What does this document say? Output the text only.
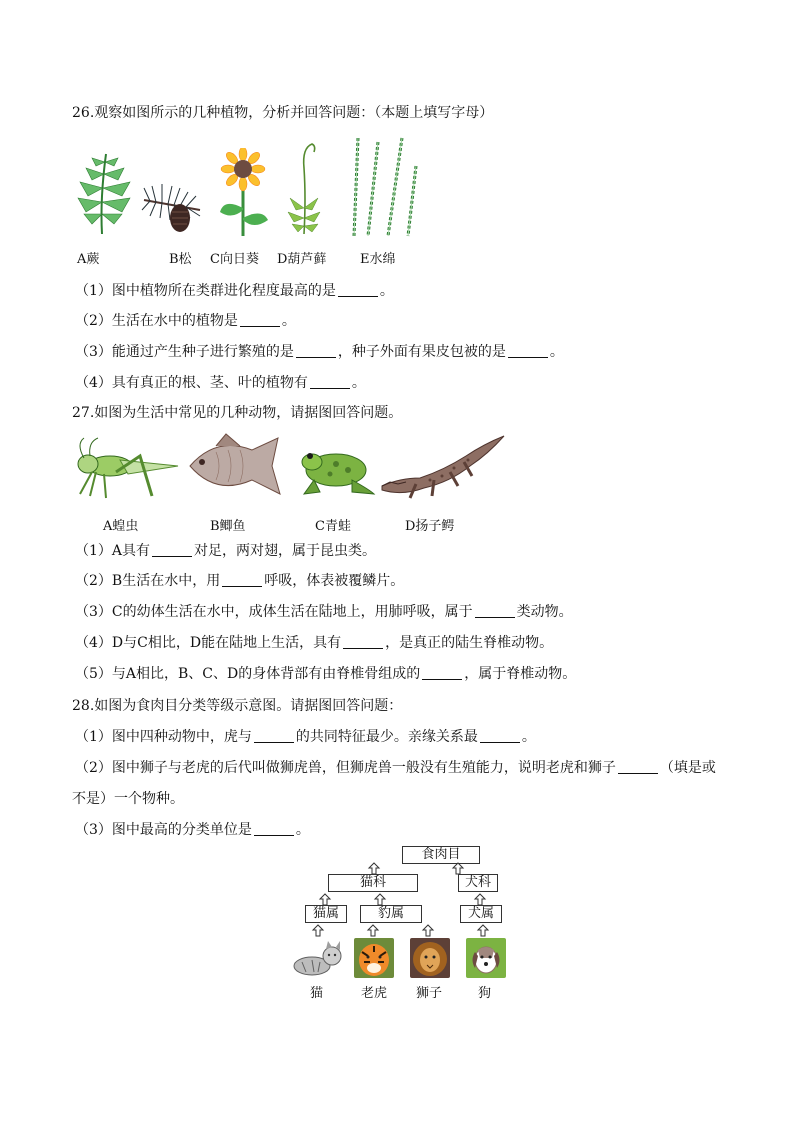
26.观察如图所示的几种植物，分析并回答问题：（本题上填写字母）
A蕨	B松 C向日葵 D葫芦藓	E水绵
（1）图中植物所在类群进化程度最高的是	。
（2）生活在水中的植物是	。
（3）能通过产生种子进行繁殖的是	，种子外面有果皮包被的是	。
（4）具有真正的根、茎、叶的植物有	。
27.如图为生活中常见的几种动物，请据图回答问题。
A蝗虫	B鲫鱼	C青蛙	D扬子鳄
（1）A具有	对足，两对翅，属于昆虫类。
（2）B生活在水中，用	呼吸，体表被覆鳞片。
（3）C的幼体生活在水中，成体生活在陆地上，用肺呼吸，属于	类动物。
（4）D与C相比，D能在陆地上生活，具有	，是真正的陆生脊椎动物。
（5）与A相比，B、C、D的身体背部有由脊椎骨组成的	，属于脊椎动物。
28.如图为食肉目分类等级示意图。请据图回答问题：
（1）图中四种动物中，虎与	的共同特征最少。亲缘关系最	。
（2）图中狮子与老虎的后代叫做狮虎兽，但狮虎兽一般没有生殖能力，说明老虎和狮子	（填是或
不是）一个物种。
（3）图中最高的分类单位是	。
食肉目
猫科	犬科
猫属	豹属	犬属
猫	老虎 狮子	狗
